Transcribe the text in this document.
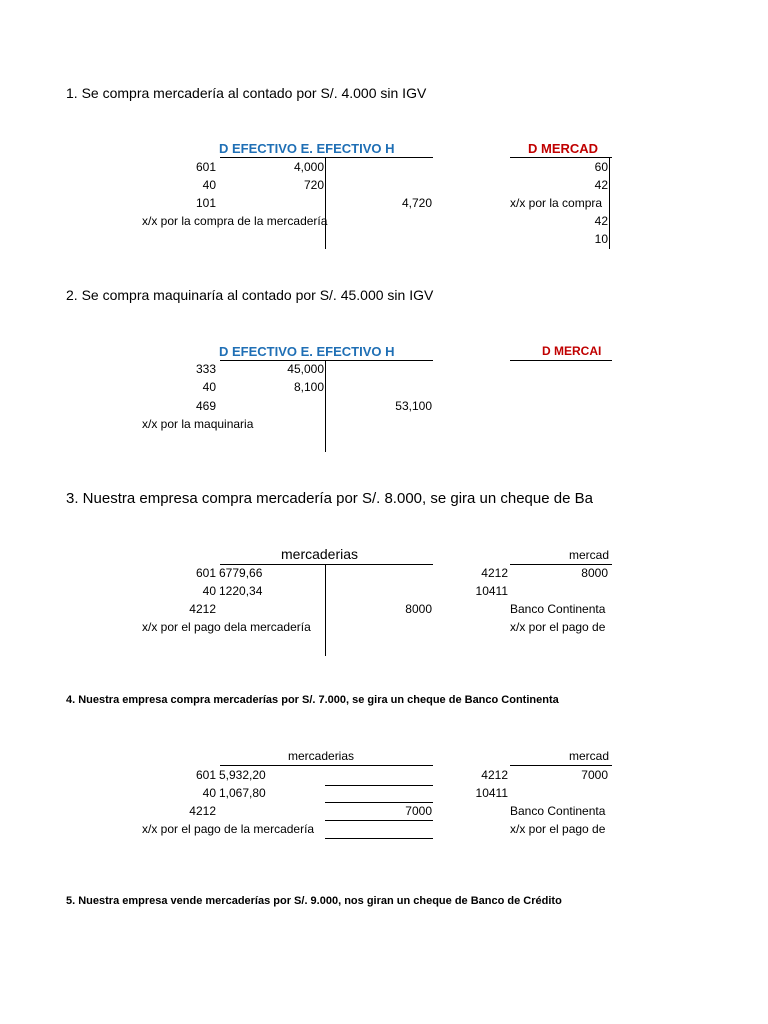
1. Se compra mercadería al contado por S/. 4.000 sin IGV
D EFECTIVO E. EFECTIVO H
601	4,000
40	720
101	4,720
x/x por la compra de la mercadería
D MERCAD
60
42
x/x por la compra
42
10
2. Se compra maquinaría al contado por S/. 45.000 sin IGV
D EFECTIVO E. EFECTIVO H
333	45,000
40	8,100
469	53,100
x/x por la maquinaria
D MERCAI
3. Nuestra empresa compra mercadería por S/. 8.000, se gira un cheque de Ba
mercaderias
601 6779,66
40 1220,34
4212	8000
x/x por el pago dela mercadería
mercad
4212	8000
10411
Banco Continenta
x/x por el pago de
4. Nuestra empresa compra mercaderías por S/. 7.000, se gira un cheque de Banco Continenta
mercaderias
601 5,932,20
40 1,067,80
4212	7000
x/x por el pago de la mercadería
mercad
4212	7000
10411
Banco Continenta
x/x por el pago de
5. Nuestra empresa vende mercaderías por S/. 9.000, nos giran un cheque de Banco de Crédito
